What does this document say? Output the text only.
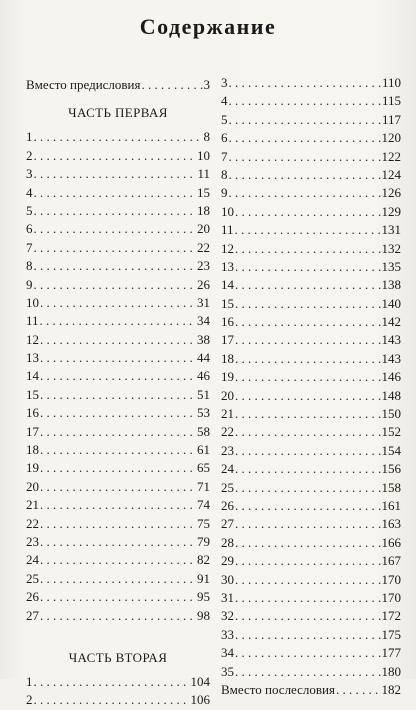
Содержание
Вместо предисловия . . .	3
ЧАСТЬ ПЕРВАЯ
1 . . .	8
2 . . .	10
3 . . .	11
4 . . .	15
5 . . .	18
6 . . .	20
7 . . .	22
8 . . .	23
9 . . .	26
10 . . .	31
11 . . .	34
12 . . .	38
13 . . .	44
14 . . .	46
15 . . .	51
16 . . .	53
17 . . .	58
18 . . .	61
19 . . .	65
20 . . .	71
21 . . .	74
22 . . .	75
23 . . .	79
24 . . .	82
25 . . .	91
26 . . .	95
27 . . .	98
ЧАСТЬ ВТОРАЯ
1 . . .	104
2 . . .	106
3 . . .	110
4 . . .	115
5 . . .	117
6 . . .	120
7 . . .	122
8 . . .	124
9 . . .	126
10 . . .	129
11 . . .	131
12 . . .	132
13 . . .	135
14 . . .	138
15 . . .	140
16 . . .	142
17 . . .	143
18 . . .	143
19 . . .	146
20 . . .	148
21 . . .	150
22 . . .	152
23 . . .	154
24 . . .	156
25 . . .	158
26 . . .	161
27 . . .	163
28 . . .	166
29 . . .	167
30 . . .	170
31 . . .	170
32 . . .	172
33 . . .	175
34 . . .	177
35 . . .	180
Вместо послесловия . . .	182
